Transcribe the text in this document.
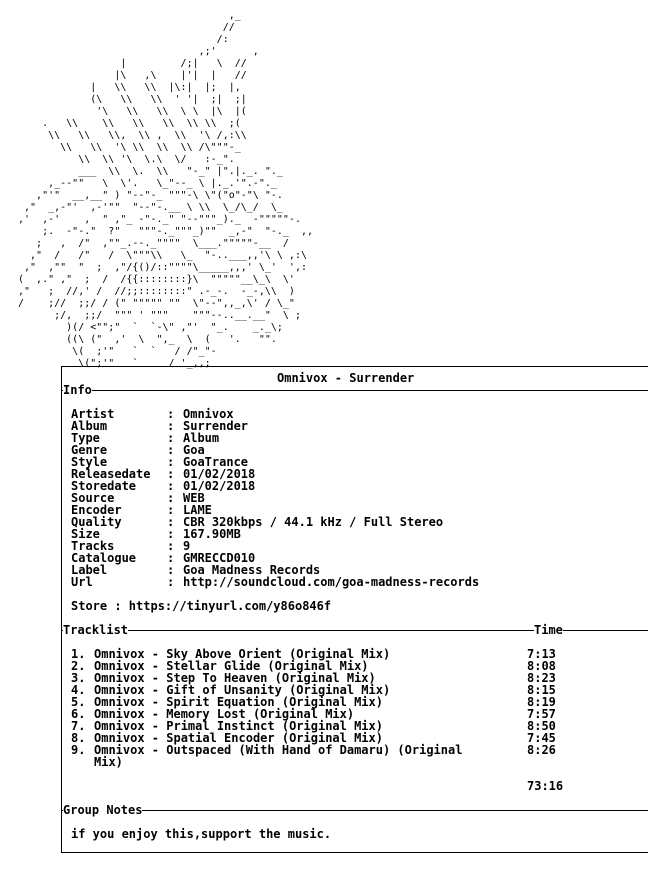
,_
//
/:
,;'      ,
|         /;|   \  //
|\   ,\    |'|  |   //
|   \\   \\  |\:|  |;  |,
(\   \\   \\  ' '|  ;|  ;|
'\   \\   \\  \ \  |\  |(
.   \\    \\   \\   \\  \\ \\  ;(
\\   \\   \\,  \\ ,  \\  '\ /,:\\
\\   \\  '\ \\  \\  \\ /\"""-_
\\  \\ '\  \.\  \/   :-_".
___  \\  \.  \\   "-_" |".|._. "._
,_--""   \  \'.   \_"--_ \ |._.'".-"._
,"'"  __,__" ) "--"-_ """-\ \"("o"-"\ "-.
,"  _,-"'  ,-'""  "--"-.__ \ \\  \_/\_/  \_
,'  ,-'    ,  " ,"_ -"-._" "--"""_)._  -"""""-.
;.  -"-."  ?"   """-._"""_)""  _,-"  "-._  ,,
;   ,  /"  ,""_.--._""""  \___."""""-__  /
,"  /   /"   /  \"""\\   \_  "-..___,,'\ \ ,:\
,"  ,""  "  ;  ,"/{()/::""""\_____,,,' \_'  ',:
(  ,." ,"  ;  /  /{{::::::::}\  """""__\_\  \'
,"   ;  //,' /  //;;::::::::" .-_-.  -_-,\\  )
/    ;//  ;;/ / (" """"" ""  \"--",,_,\' / \_"
;/,  ;;/  """ ' """    """--..__.__"  \ ;
)(/ <"";"  `  `-\" ,"'  "_.    _._\;
((\ ("  ,'  \  ",_  \  (   '.   "".
\(  ;'"   `  `   / /"_"-
\(";'"   `     / '_,,;
Omnivox - Surrender
Info
Artist	: Omnivox
Album	: Surrender
Type	: Album
Genre	: Goa
Style	: GoaTrance
Releasedate : 01/02/2018
Storedate	: 01/02/2018
Source	: WEB
Encoder	: LAME
Quality	: CBR 320kbps / 44.1 kHz / Full Stereo
Size	: 167.90MB
Tracks	: 9
Catalogue	: GMRECCD010
Label	: Goa Madness Records
Url	: http://soundcloud.com/goa-madness-records
Store : https://tinyurl.com/y86o846f
Tracklist	Time
1. Omnivox - Sky Above Orient (Original Mix)	7:13
2. Omnivox - Stellar Glide (Original Mix)	8:08
3. Omnivox - Step To Heaven (Original Mix)	8:23
4. Omnivox - Gift of Unsanity (Original Mix)	8:15
5. Omnivox - Spirit Equation (Original Mix)	8:19
6. Omnivox - Memory Lost (Original Mix)	7:57
7. Omnivox - Primal Instinct (Original Mix)	8:50
8. Omnivox - Spatial Encoder (Original Mix)	7:45
9. Omnivox - Outspaced (With Hand of Damaru) (Original	8:26
Mix)
73:16
Group Notes
if you enjoy this,support the music.
